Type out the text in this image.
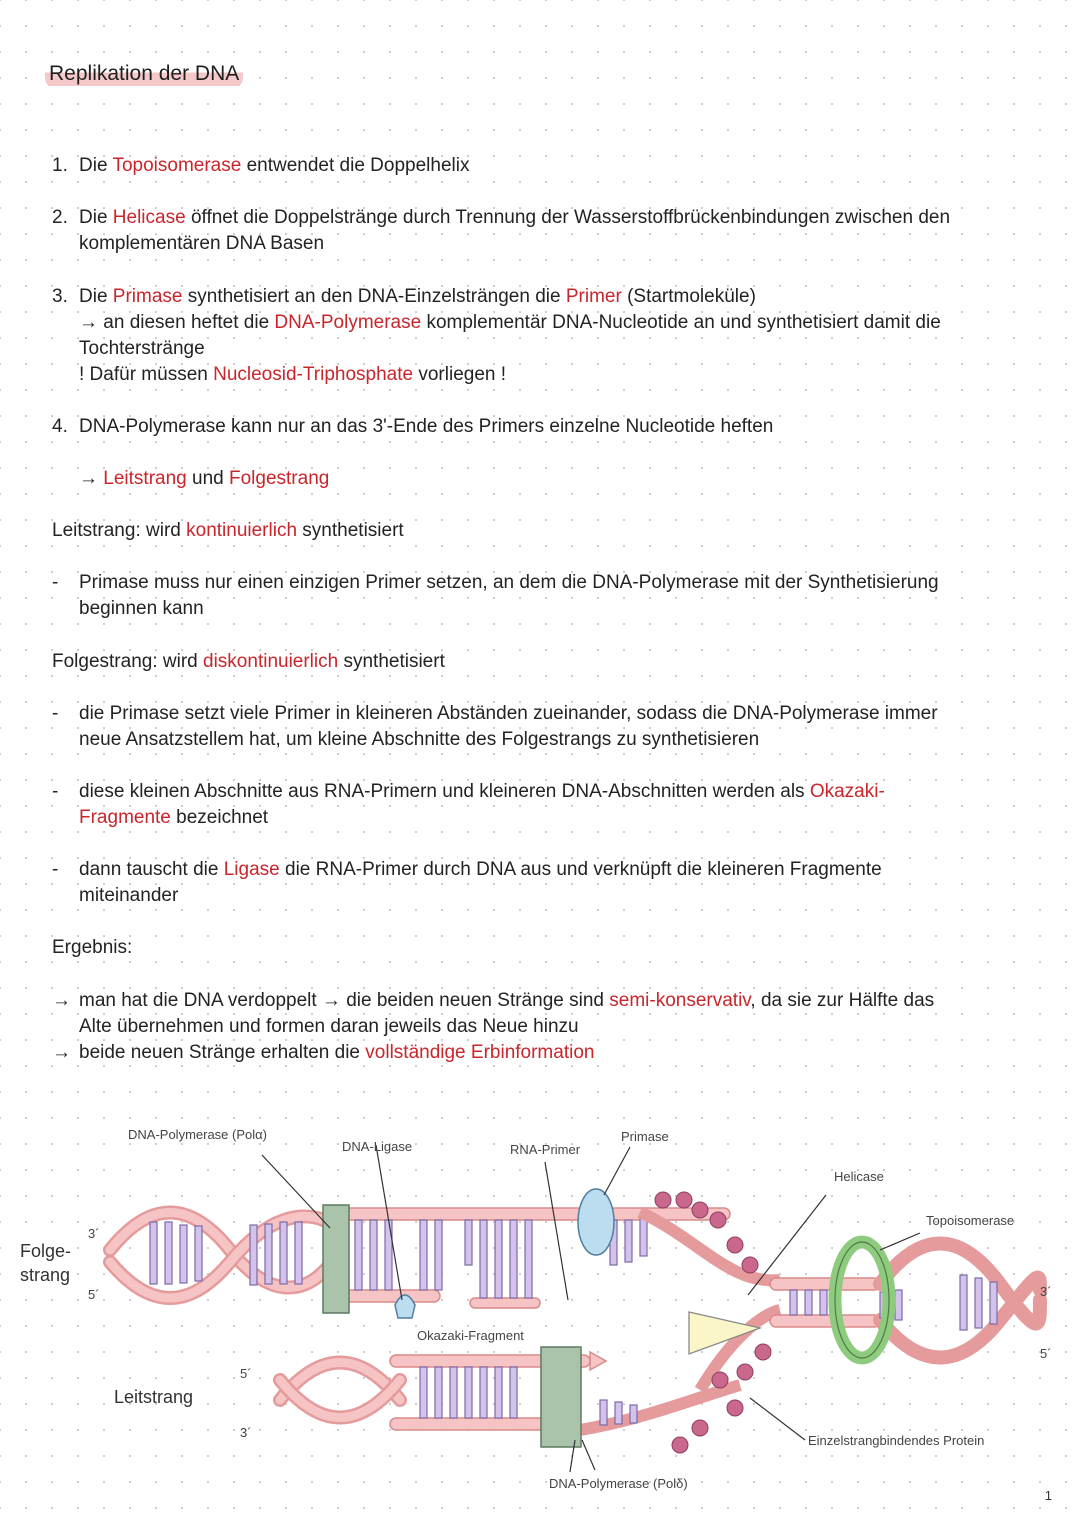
Replikation der DNA
1. Die Topoisomerase entwendet die Doppelhelix
2. Die Helicase öffnet die Doppelstränge durch Trennung der Wasserstoffbrückenbindungen zwischen den
komplementären DNA Basen
3. Die Primase synthetisiert an den DNA-Einzelsträngen die Primer (Startmoleküle)
→ an diesen heftet die DNA-Polymerase komplementär DNA-Nucleotide an und synthetisiert damit die
Tochterstränge
! Dafür müssen Nucleosid-Triphosphate vorliegen !
4. DNA-Polymerase kann nur an das 3'-Ende des Primers einzelne Nucleotide heften
→ Leitstrang und Folgestrang
Leitstrang: wird kontinuierlich synthetisiert
- Primase muss nur einen einzigen Primer setzen, an dem die DNA-Polymerase mit der Synthetisierung
beginnen kann
Folgestrang: wird diskontinuierlich synthetisiert
- die Primase setzt viele Primer in kleineren Abständen zueinander, sodass die DNA-Polymerase immer
neue Ansatzstellem hat, um kleine Abschnitte des Folgestrangs zu synthetisieren
- diese kleinen Abschnitte aus RNA-Primern und kleineren DNA-Abschnitten werden als Okazaki-
Fragmente bezeichnet
- dann tauscht die Ligase die RNA-Primer durch DNA aus und verknüpft die kleineren Fragmente
miteinander
Ergebnis:
→ man hat die DNA verdoppelt → die beiden neuen Stränge sind semi-konservativ, da sie zur Hälfte das
Alte übernehmen und formen daran jeweils das Neue hinzu
→ beide neuen Stränge erhalten die vollständige Erbinformation
DNA-Polymerase (Polα)
DNA-Ligase	RNA-Primer
Primase
Helicase
Topoisomerase
Folge-
strang
3´
5´	3´
5´
Okazaki-Fragment
5´
3´
Leitstrang
Einzelstrangbindendes Protein
DNA-Polymerase (Polδ)
1
